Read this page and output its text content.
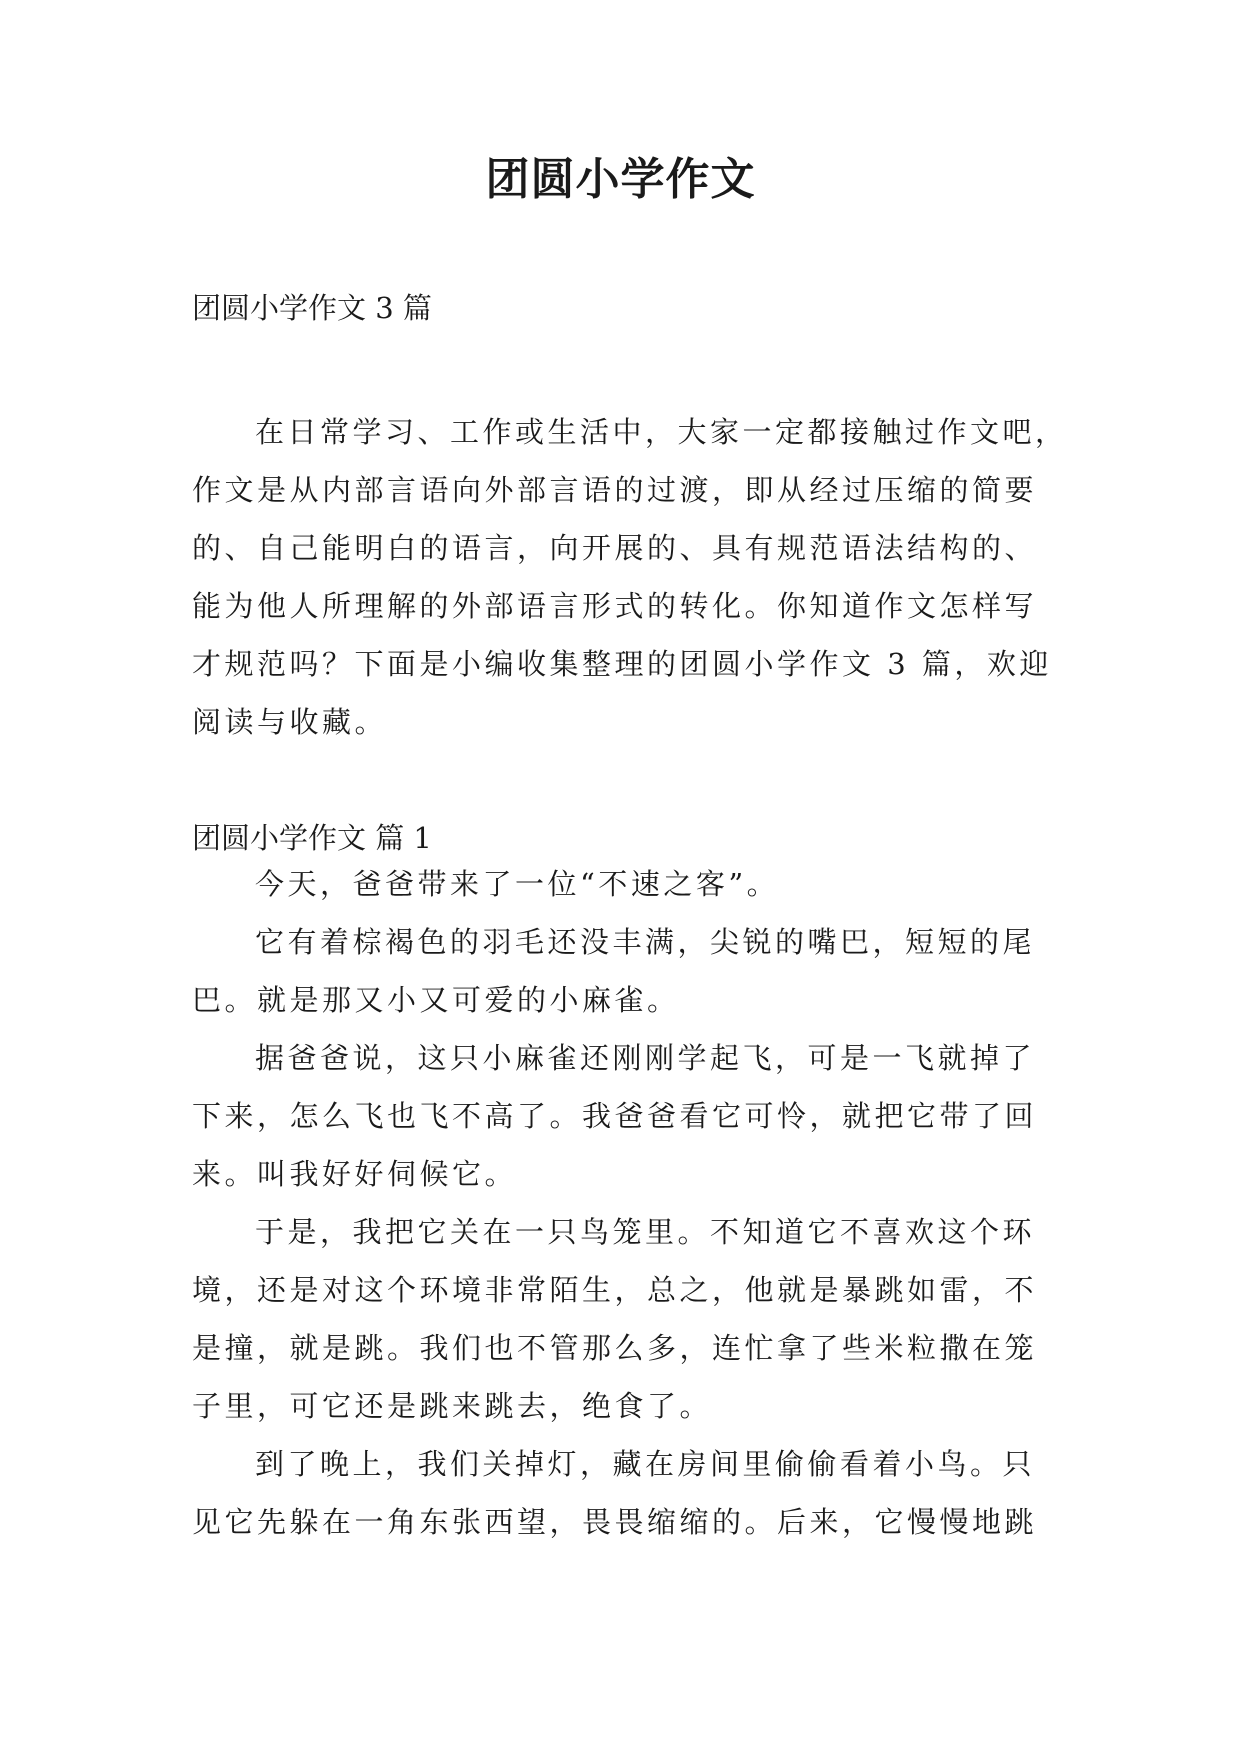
团圆小学作文
团圆小学作文 3 篇
在日常学习、工作或生活中，大家一定都接触过作文吧，
作文是从内部言语向外部言语的过渡，即从经过压缩的简要
的、自己能明白的语言，向开展的、具有规范语法结构的、
能为他人所理解的外部语言形式的转化。你知道作文怎样写
才规范吗？下面是小编收集整理的团圆小学作文 3 篇，欢迎
阅读与收藏。
团圆小学作文 篇 1
今天，爸爸带来了一位“不速之客”。
它有着棕褐色的羽毛还没丰满，尖锐的嘴巴，短短的尾
巴。就是那又小又可爱的小麻雀。
据爸爸说，这只小麻雀还刚刚学起飞，可是一飞就掉了
下来，怎么飞也飞不高了。我爸爸看它可怜，就把它带了回
来。叫我好好伺候它。
于是，我把它关在一只鸟笼里。不知道它不喜欢这个环
境，还是对这个环境非常陌生，总之，他就是暴跳如雷，不
是撞，就是跳。我们也不管那么多，连忙拿了些米粒撒在笼
子里，可它还是跳来跳去，绝食了。
到了晚上，我们关掉灯，藏在房间里偷偷看着小鸟。只
见它先躲在一角东张西望，畏畏缩缩的。后来，它慢慢地跳
